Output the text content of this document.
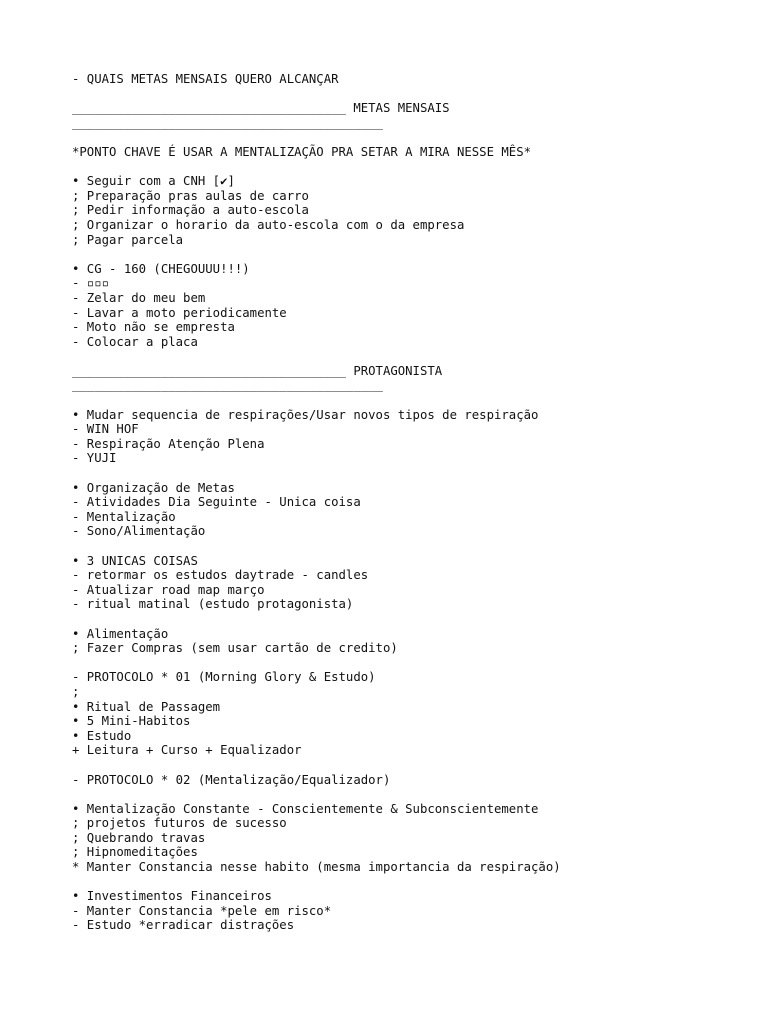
- QUAIS METAS MENSAIS QUERO ALCANÇAR
_____________________________________ METAS MENSAIS
__________________________________________
*PONTO CHAVE É USAR A MENTALIZAÇÃO PRA SETAR A MIRA NESSE MÊS*
• Seguir com a CNH [✔]
; Preparação pras aulas de carro
; Pedir informação a auto-escola
; Organizar o horario da auto-escola com o da empresa
; Pagar parcela
• CG - 160 (CHEGOUUU!!!)
- ▫▫▫
- Zelar do meu bem
- Lavar a moto periodicamente
- Moto não se empresta
- Colocar a placa
_____________________________________ PROTAGONISTA
__________________________________________
• Mudar sequencia de respirações/Usar novos tipos de respiração
- WIN HOF
- Respiração Atenção Plena
- YUJI
• Organização de Metas
- Atividades Dia Seguinte - Unica coisa
- Mentalização
- Sono/Alimentação
• 3 UNICAS COISAS
- retormar os estudos daytrade - candles
- Atualizar road map março
- ritual matinal (estudo protagonista)
• Alimentação
; Fazer Compras (sem usar cartão de credito)
- PROTOCOLO * 01 (Morning Glory & Estudo)
;
• Ritual de Passagem
• 5 Mini-Habitos
• Estudo
+ Leitura + Curso + Equalizador
- PROTOCOLO * 02 (Mentalização/Equalizador)
• Mentalização Constante - Conscientemente & Subconscientemente
; projetos futuros de sucesso
; Quebrando travas
; Hipnomeditações
* Manter Constancia nesse habito (mesma importancia da respiração)
• Investimentos Financeiros
- Manter Constancia *pele em risco*
- Estudo *erradicar distrações
